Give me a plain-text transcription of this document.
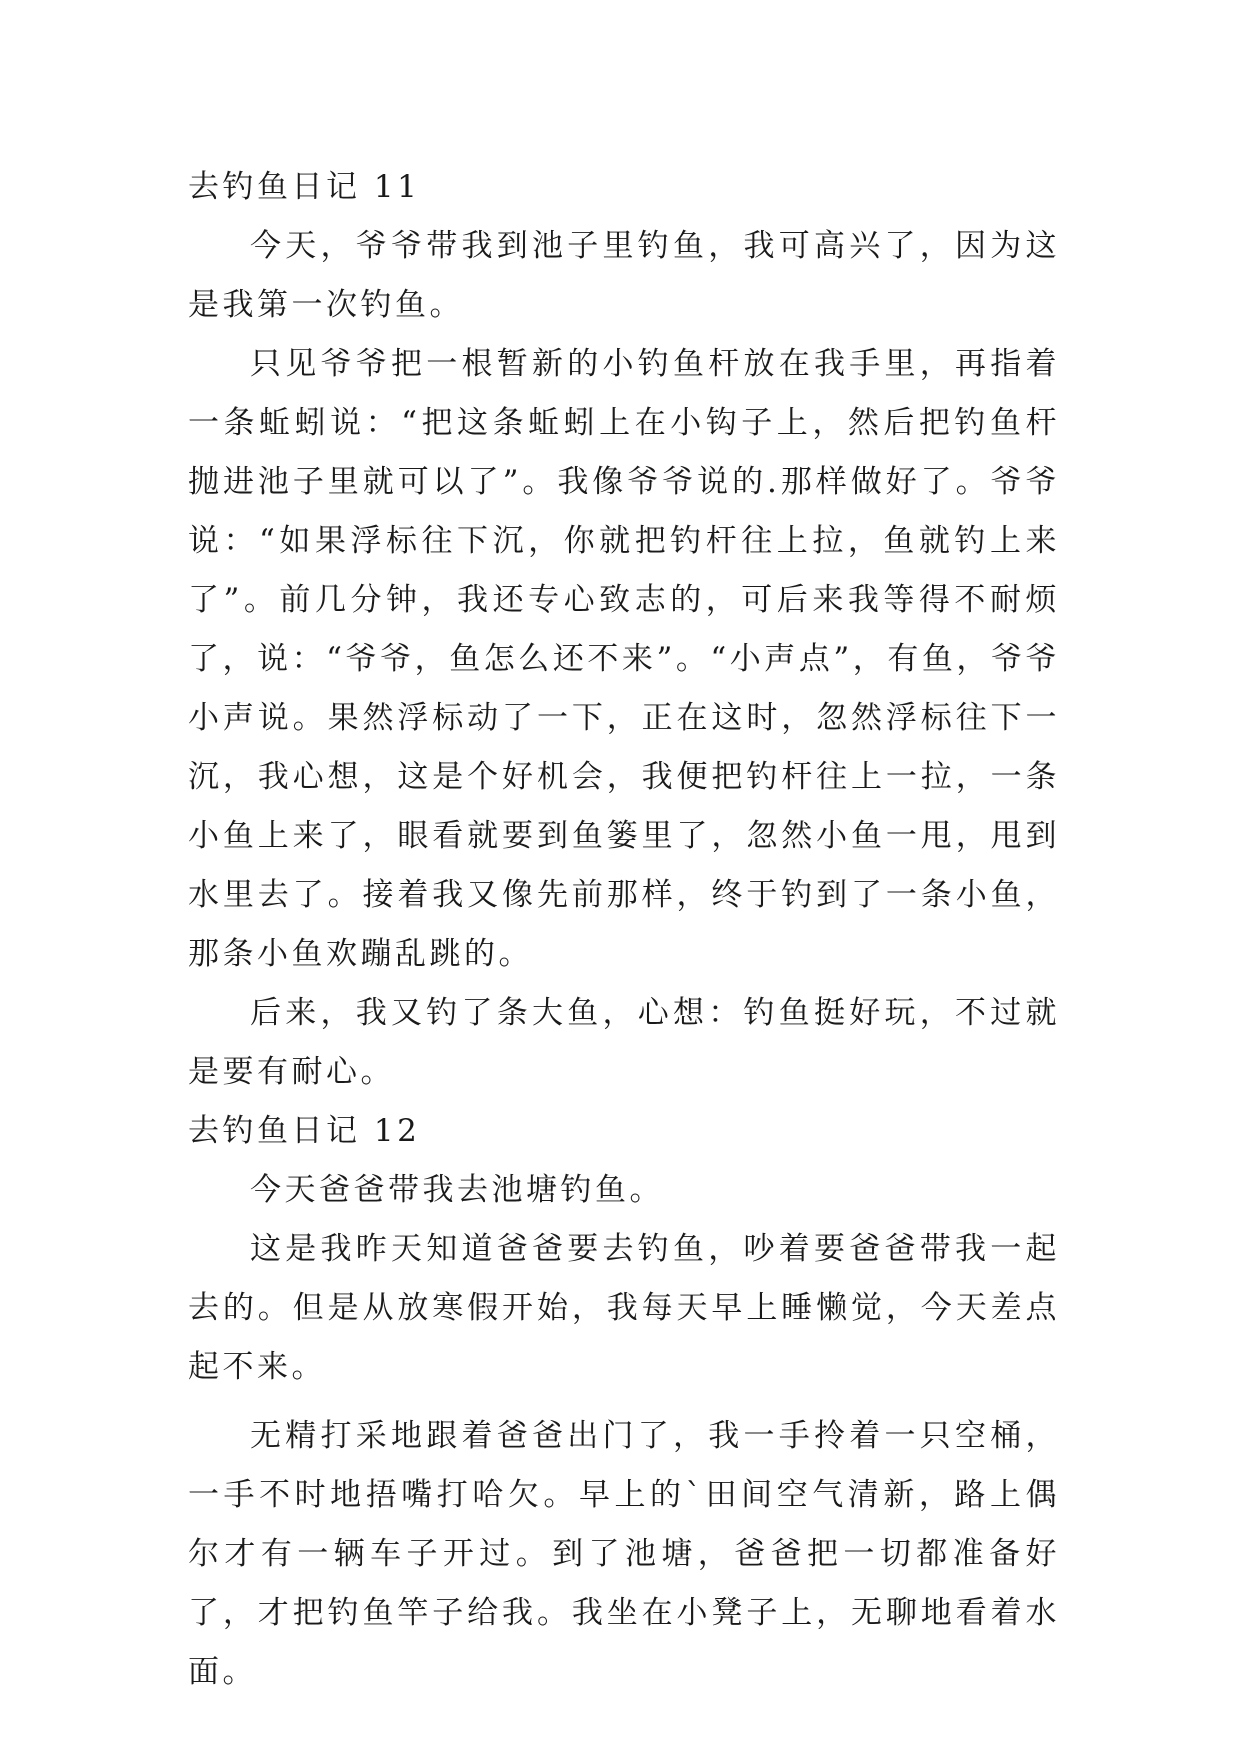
去钓鱼日记 11

今天，爷爷带我到池子里钓鱼，我可高兴了，因为这是我第一次钓鱼。

只见爷爷把一根暂新的小钓鱼杆放在我手里，再指着一条蚯蚓说：“把这条蚯蚓上在小钩子上，然后把钓鱼杆抛进池子里就可以了”。我像爷爷说的.那样做好了。爷爷说：“如果浮标往下沉，你就把钓杆往上拉，鱼就钓上来了”。前几分钟，我还专心致志的，可后来我等得不耐烦了，说：“爷爷，鱼怎么还不来”。“小声点”，有鱼，爷爷小声说。果然浮标动了一下，正在这时，忽然浮标往下一沉，我心想，这是个好机会，我便把钓杆往上一拉，一条小鱼上来了，眼看就要到鱼篓里了，忽然小鱼一甩，甩到水里去了。接着我又像先前那样，终于钓到了一条小鱼，那条小鱼欢蹦乱跳的。

后来，我又钓了条大鱼，心想：钓鱼挺好玩，不过就是要有耐心。

去钓鱼日记 12

今天爸爸带我去池塘钓鱼。

这是我昨天知道爸爸要去钓鱼，吵着要爸爸带我一起去的。但是从放寒假开始，我每天早上睡懒觉，今天差点起不来。

无精打采地跟着爸爸出门了，我一手拎着一只空桶，一手不时地捂嘴打哈欠。早上的`田间空气清新，路上偶尔才有一辆车子开过。到了池塘，爸爸把一切都准备好了，才把钓鱼竿子给我。我坐在小凳子上，无聊地看着水面。
